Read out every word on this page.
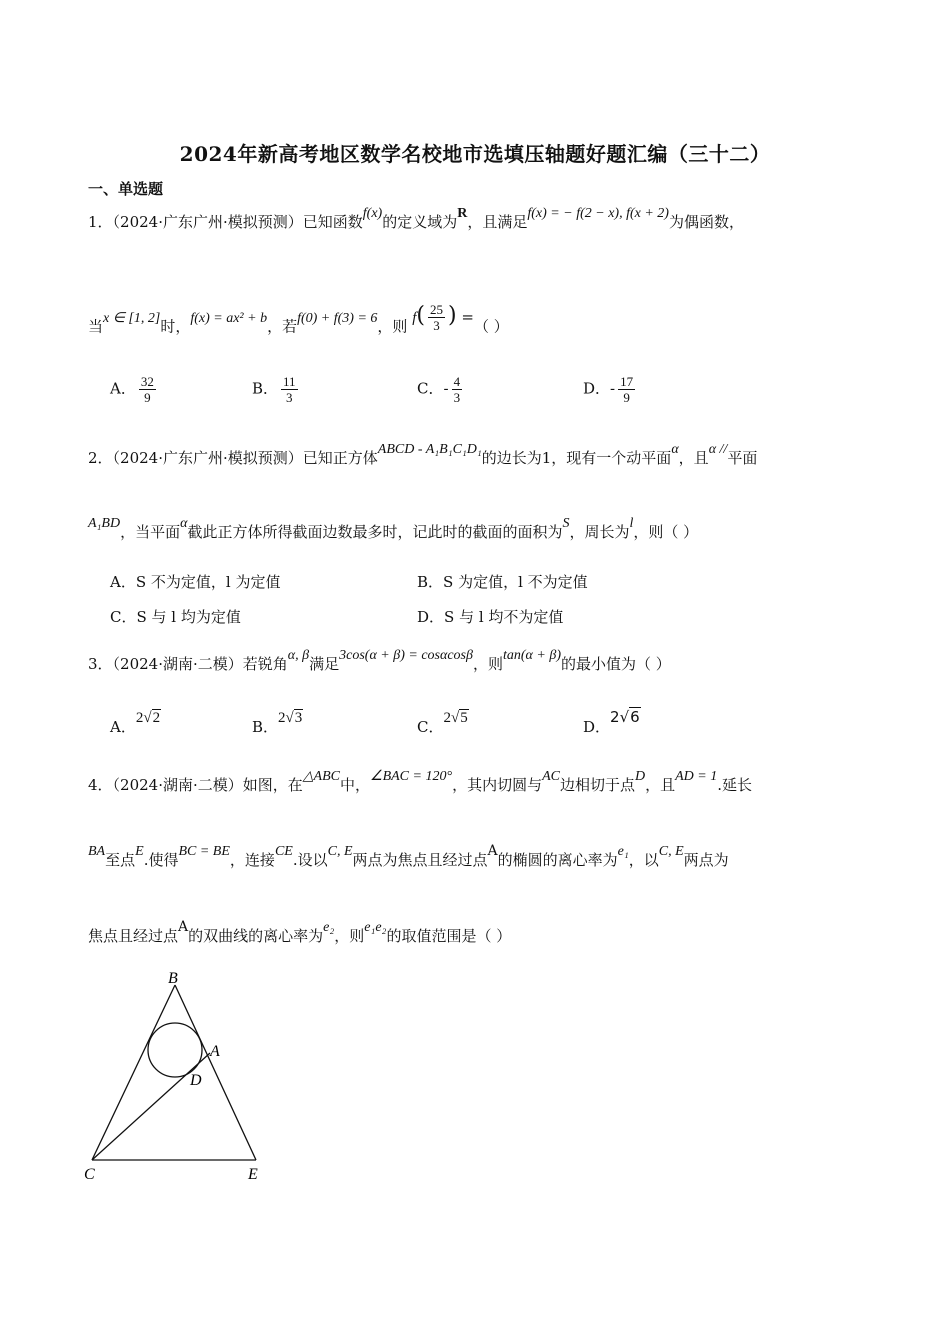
2024年新高考地区数学名校地市选填压轴题好题汇编（三十二）
一、单选题
1．（2024·广东广州·模拟预测）已知函数f(x)的定义域为R，且满足f(x) = − f(2 − x), f(x + 2)为偶函数，
当x ∈ [1, 2]时，f(x) = ax² + b，若f(0) + f(3) = 6，则 $f( \frac{25}{3}$ ) =（ ）
A． $\frac{32}{9}$	B． $\frac{11}{3}$	C．- $\frac{4}{3}$	D．- $\frac{17}{9}$
2．（2024·广东广州·模拟预测）已知正方体ABCD - A₁B₁C₁D₁的边长为1，现有一个动平面α，且α //平面
A₁BD，当平面α截此正方体所得截面边数最多时，记此时的截面的面积为S，周长为l，则（ ）
A．S 不为定值，l 为定值	B．S 为定值，l 不为定值
C．S 与 l 均为定值	D．S 与 l 均不为定值
3．（2024·湖南·二模）若锐角α, β满足3cos(α + β) = cosαcosβ，则tan(α + β)的最小值为（ ）
A．2√2	B．2√3	C．2√5	D．2√6
4．（2024·湖南·二模）如图，在△ABC中，∠BAC = 120°，其内切圆与AC边相切于点D，且AD = 1.延长
BA至点E.使得BC = BE，连接CE.设以C, E两点为焦点且经过点A的椭圆的离心率为e₁，以C, E两点为
焦点且经过点A的双曲线的离心率为e₂，则e₁e₂的取值范围是（ ）
B
A
D
C	E
